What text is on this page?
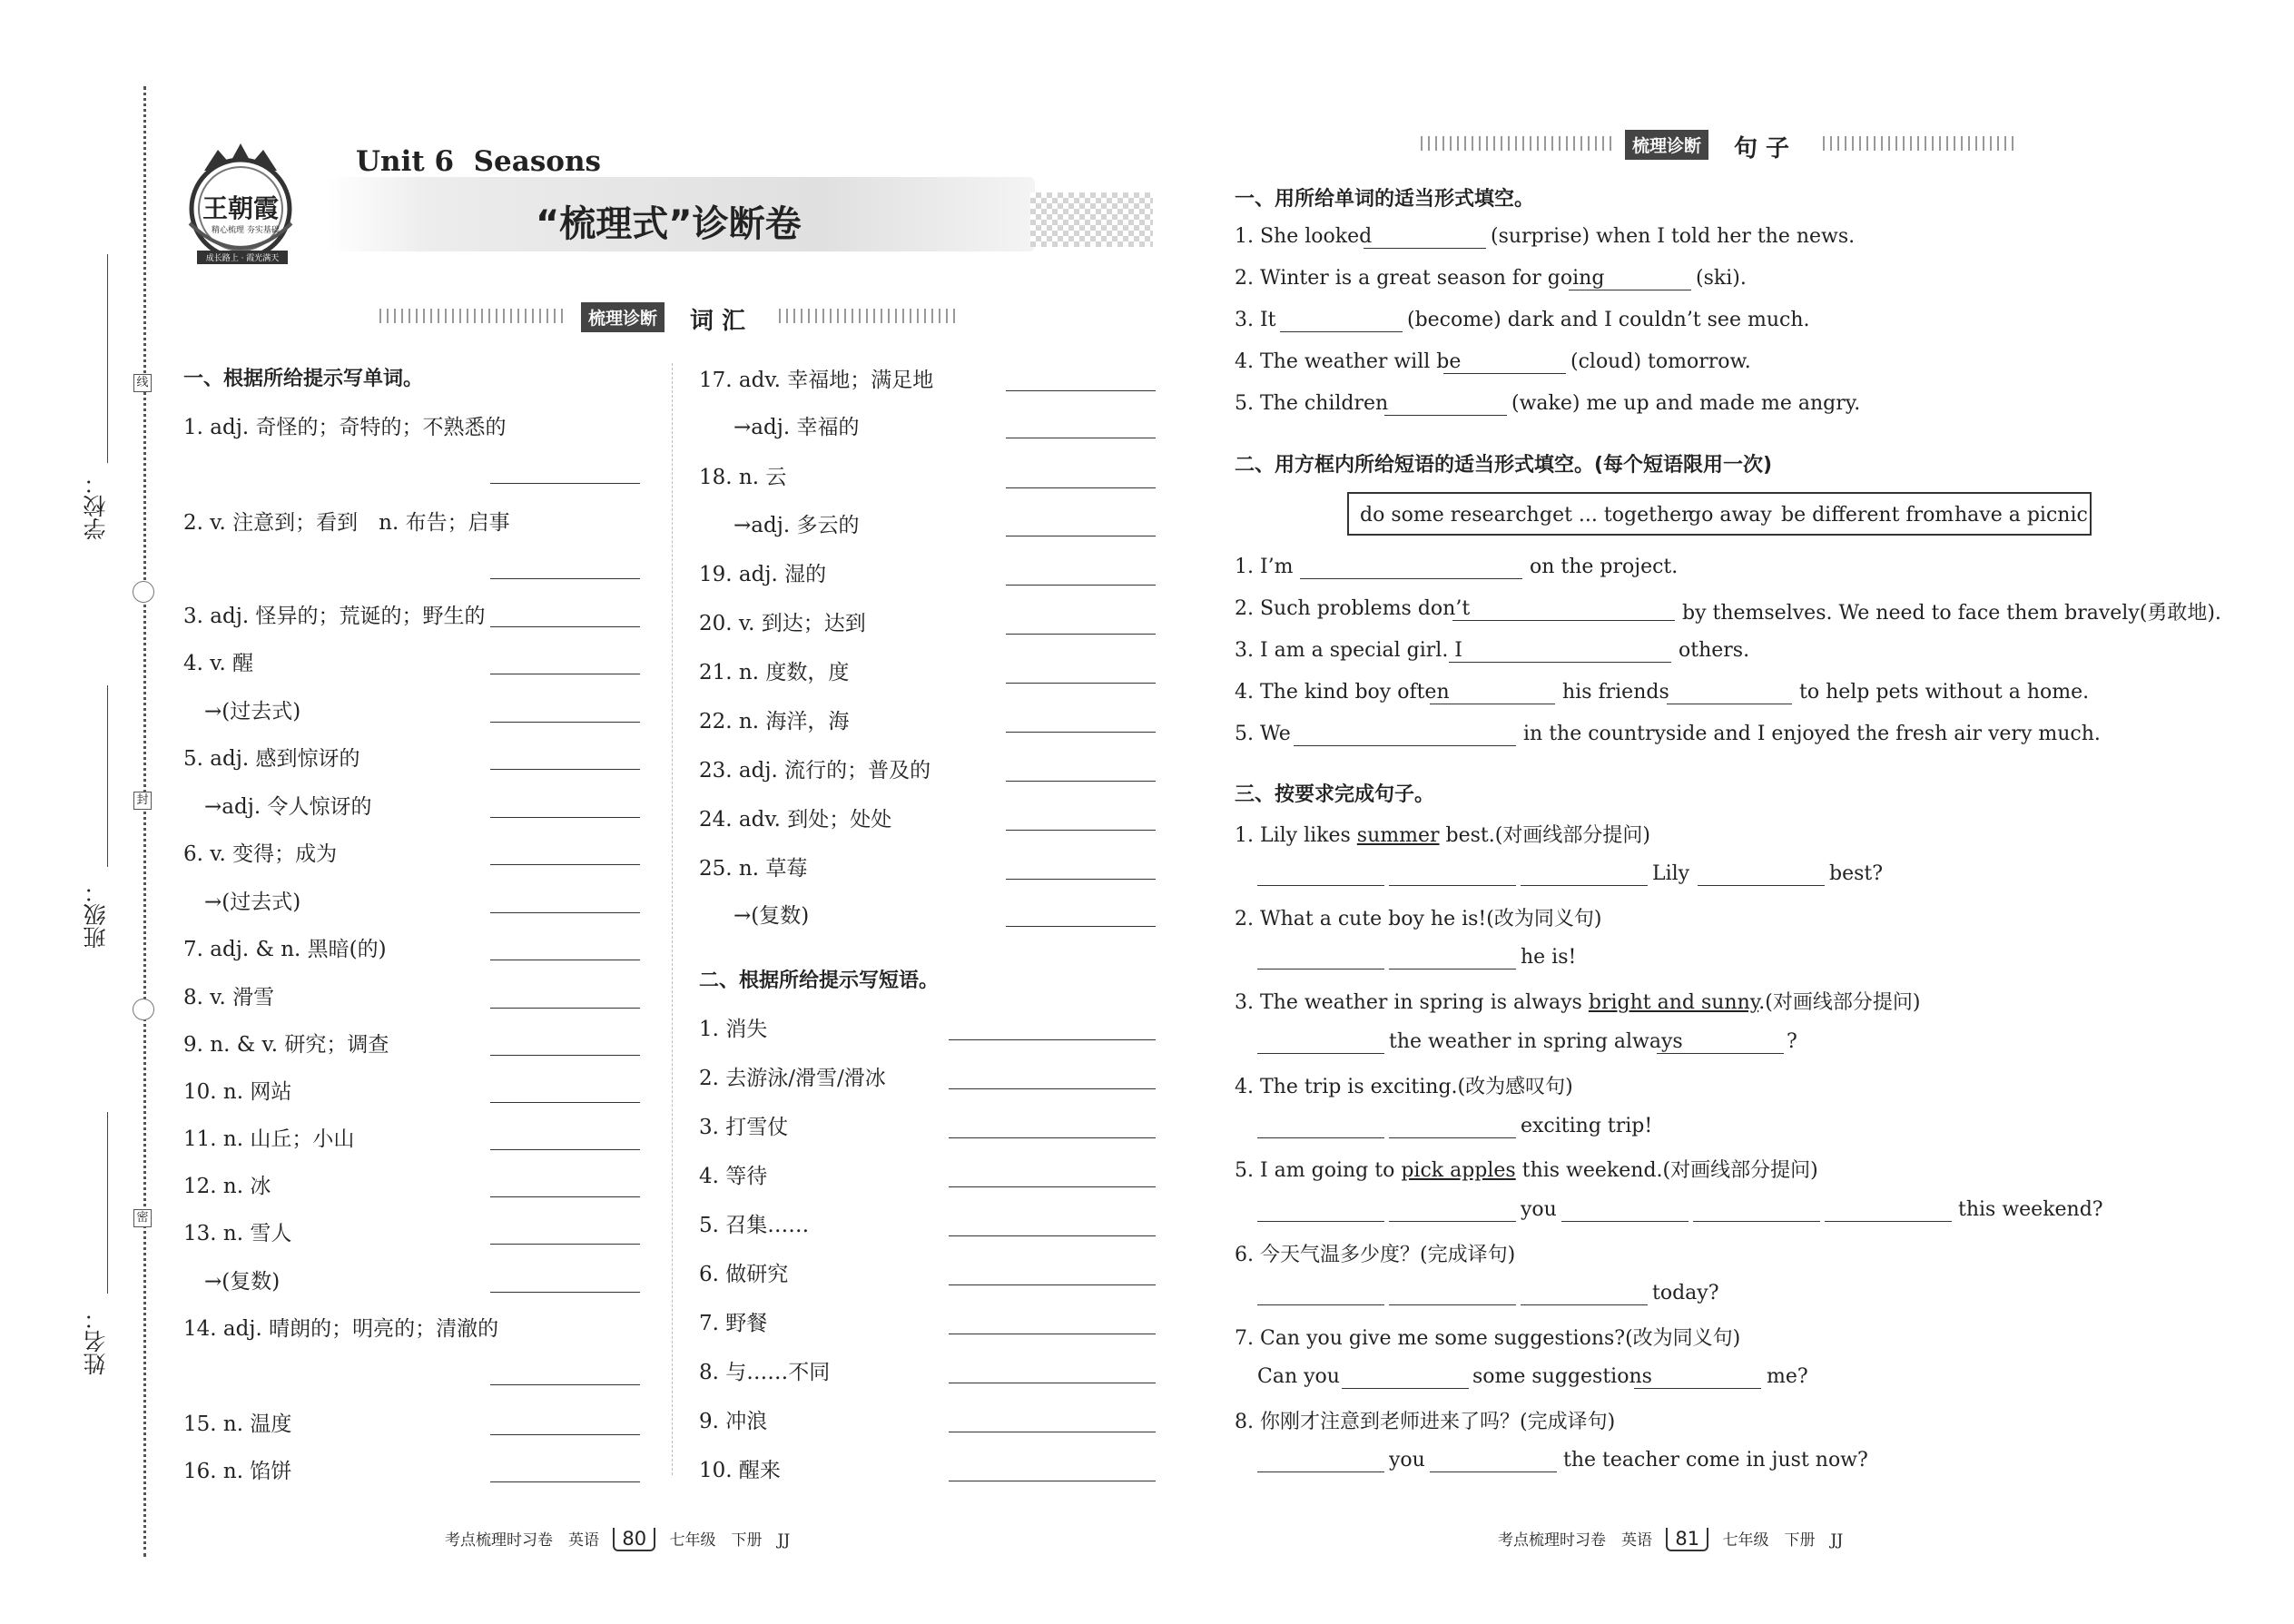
线
封
密
学校：
班级：
姓名：
王朝霞
精心梳理 夯实基础
成长路上 · 霞光满天
Unit 6 Seasons
“梳理式”诊断卷
梳理诊断	词 汇
一、根据所给提示写单词。
1. adj. 奇怪的；奇特的；不熟悉的
2. v. 注意到；看到　n. 布告；启事
3. adj. 怪异的；荒诞的；野生的
4. v. 醒
→(过去式)
5. adj. 感到惊讶的
→adj. 令人惊讶的
6. v. 变得；成为
→(过去式)
7. adj. & n. 黑暗(的)
8. v. 滑雪
9. n. & v. 研究；调查
10. n. 网站
11. n. 山丘；小山
12. n. 冰
13. n. 雪人
→(复数)
14. adj. 晴朗的；明亮的；清澈的
15. n. 温度
16. n. 馅饼
17. adv. 幸福地；满足地
→adj. 幸福的
18. n. 云
→adj. 多云的
19. adj. 湿的
20. v. 到达；达到
21. n. 度数，度
22. n. 海洋，海
23. adj. 流行的；普及的
24. adv. 到处；处处
25. n. 草莓
→(复数)
二、根据所给提示写短语。
1. 消失
2. 去游泳/滑雪/滑冰
3. 打雪仗
4. 等待
5. 召集……
6. 做研究
7. 野餐
8. 与……不同
9. 冲浪
10. 醒来
考点梳理时习卷　英语 80 七年级　下册　JJ
梳理诊断	句 子
一、用所给单词的适当形式填空。
1. She looked	(surprise) when I told her the news.
2. Winter is a great season for going	(ski).
3. It	(become) dark and I couldn’t see much.
4. The weather will be	(cloud) tomorrow.
5. The children	(wake) me up and made me angry.
二、用方框内所给短语的适当形式填空。(每个短语限用一次)
do some research get ... together
go away be different from have a picnic
1. I’m	on the project.
2. Such problems don’t	by themselves. We need to face them bravely(勇敢地).
3. I am a special girl. I	others.
4. The kind boy often	his friends	to help pets without a home.
5. We	in the countryside and I enjoyed the fresh air very much.
三、按要求完成句子。
1. Lily likes summer best.(对画线部分提问)
Lily	best?
2. What a cute boy he is!(改为同义句)
he is!
3. The weather in spring is always bright and sunny.(对画线部分提问)
the weather in spring always	?
4. The trip is exciting.(改为感叹句)
exciting trip!
5. I am going to pick apples this weekend.(对画线部分提问)
you	this weekend?
6. 今天气温多少度？(完成译句)
today?
7. Can you give me some suggestions?(改为同义句)
Can you	some suggestions	me?
8. 你刚才注意到老师进来了吗？(完成译句)
you	the teacher come in just now?
考点梳理时习卷　英语 81 七年级　下册　JJ
